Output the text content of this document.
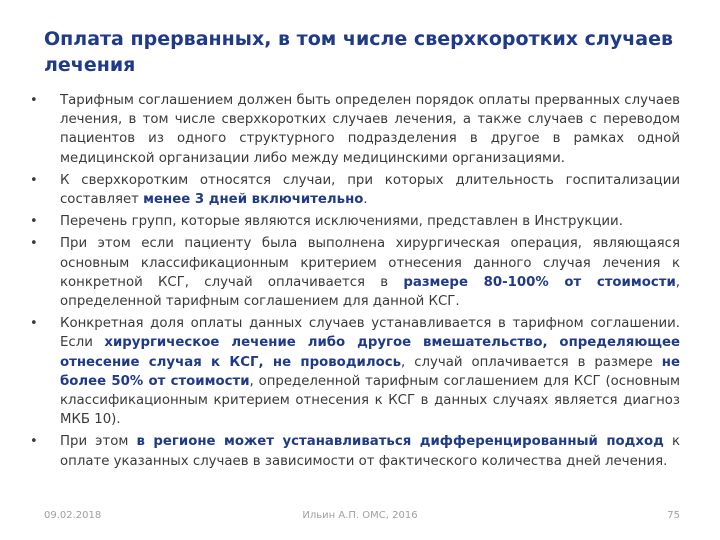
Оплата прерванных, в том числе сверхкоротких случаев лечения
• Тарифным соглашением должен быть определен порядок оплаты прерванных случаев лечения, в том числе сверхкоротких случаев лечения, а также случаев с переводом пациентов из одного структурного подразделения в другое в рамках одной медицинской организации либо между медицинскими организациями.
• К сверхкоротким относятся случаи, при которых длительность госпитализации составляет менее 3 дней включительно.
• Перечень групп, которые являются исключениями, представлен в Инструкции.
• При этом если пациенту была выполнена хирургическая операция, являющаяся основным классификационным критерием отнесения данного случая лечения к конкретной КСГ, случай оплачивается в размере 80-100% от стоимости, определенной тарифным соглашением для данной КСГ.
• Конкретная доля оплаты данных случаев устанавливается в тарифном соглашении. Если хирургическое лечение либо другое вмешательство, определяющее отнесение случая к КСГ, не проводилось, случай оплачивается в размере не более 50% от стоимости, определенной тарифным соглашением для КСГ (основным классификационным критерием отнесения к КСГ в данных случаях является диагноз МКБ 10).
• При этом в регионе может устанавливаться дифференцированный подход к оплате указанных случаев в зависимости от фактического количества дней лечения.
09.02.2018	Ильин А.П. ОМС, 2016	75
